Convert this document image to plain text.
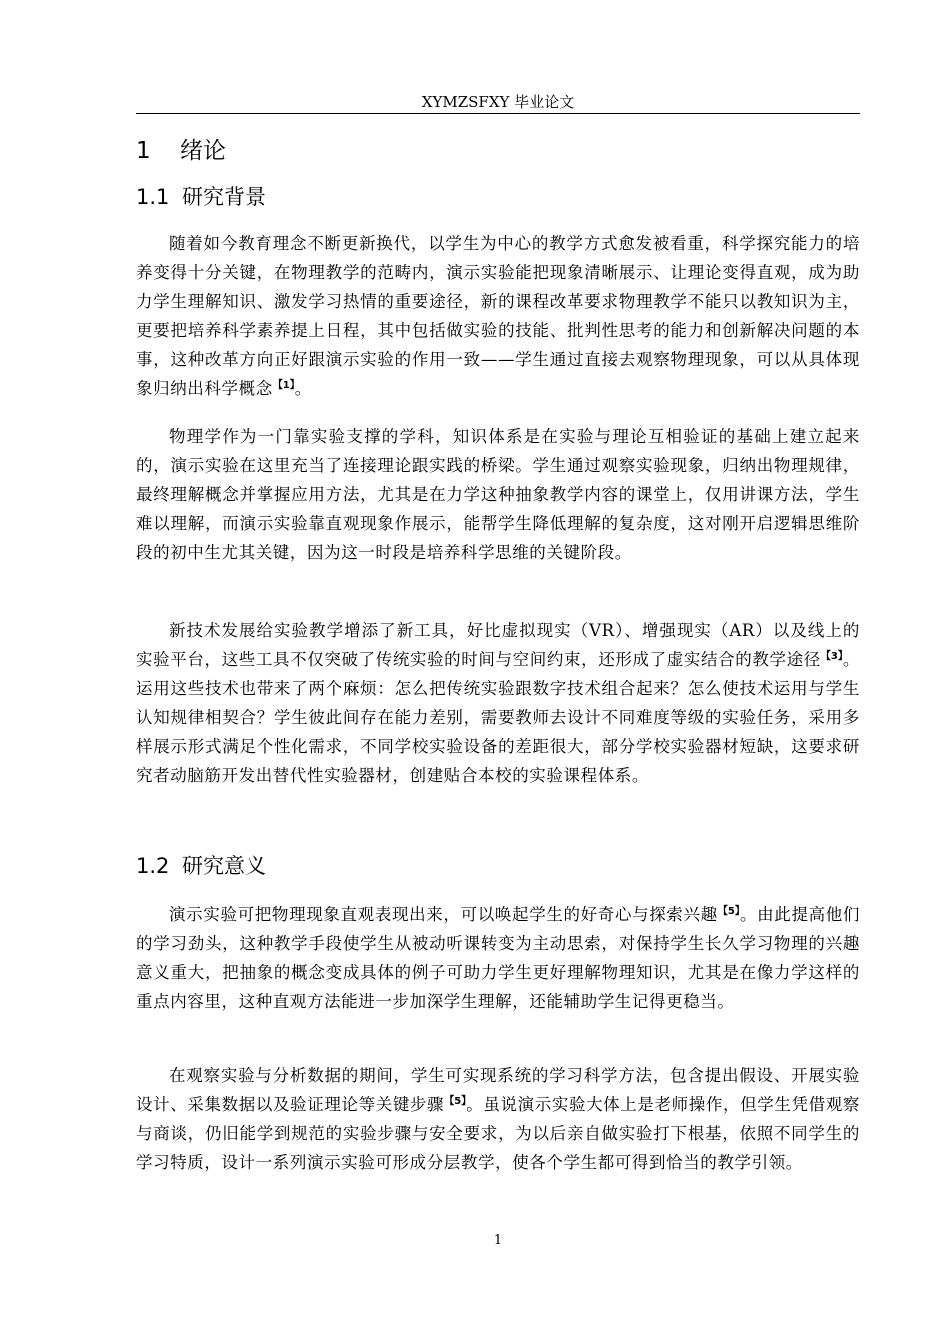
XYMZSFXY 毕业论文
1 绪论
1.1 研究背景

随着如今教育理念不断更新换代，以学生为中心的教学方式愈发被看重，科学探究能力的培养变得十分关键，在物理教学的范畴内，演示实验能把现象清晰展示、让理论变得直观，成为助力学生理解知识、激发学习热情的重要途径，新的课程改革要求物理教学不能只以教知识为主，更要把培养科学素养提上日程，其中包括做实验的技能、批判性思考的能力和创新解决问题的本事，这种改革方向正好跟演示实验的作用一致——学生通过直接去观察物理现象，可以从具体现象归纳出科学概念$^{【1】}$。

物理学作为一门靠实验支撑的学科，知识体系是在实验与理论互相验证的基础上建立起来的，演示实验在这里充当了连接理论跟实践的桥梁。学生通过观察实验现象，归纳出物理规律，最终理解概念并掌握应用方法，尤其是在力学这种抽象教学内容的课堂上，仅用讲课方法，学生难以理解，而演示实验靠直观现象作展示，能帮学生降低理解的复杂度，这对刚开启逻辑思维阶段的初中生尤其关键，因为这一时段是培养科学思维的关键阶段。

新技术发展给实验教学增添了新工具，好比虚拟现实（VR）、增强现实（AR）以及线上的实验平台，这些工具不仅突破了传统实验的时间与空间约束，还形成了虚实结合的教学途径$^{【3】}$。运用这些技术也带来了两个麻烦：怎么把传统实验跟数字技术组合起来？怎么使技术运用与学生认知规律相契合？学生彼此间存在能力差别，需要教师去设计不同难度等级的实验任务，采用多样展示形式满足个性化需求，不同学校实验设备的差距很大，部分学校实验器材短缺，这要求研究者动脑筋开发出替代性实验器材，创建贴合本校的实验课程体系。

1.2 研究意义

演示实验可把物理现象直观表现出来，可以唤起学生的好奇心与探索兴趣$^{【5】}$。由此提高他们的学习劲头，这种教学手段使学生从被动听课转变为主动思索，对保持学生长久学习物理的兴趣意义重大，把抽象的概念变成具体的例子可助力学生更好理解物理知识，尤其是在像力学这样的重点内容里，这种直观方法能进一步加深学生理解，还能辅助学生记得更稳当。

在观察实验与分析数据的期间，学生可实现系统的学习科学方法，包含提出假设、开展实验设计、采集数据以及验证理论等关键步骤$^{【5】}$。虽说演示实验大体上是老师操作，但学生凭借观察与商谈，仍旧能学到规范的实验步骤与安全要求，为以后亲自做实验打下根基，依照不同学生的学习特质，设计一系列演示实验可形成分层教学，使各个学生都可得到恰当的教学引领。

1
